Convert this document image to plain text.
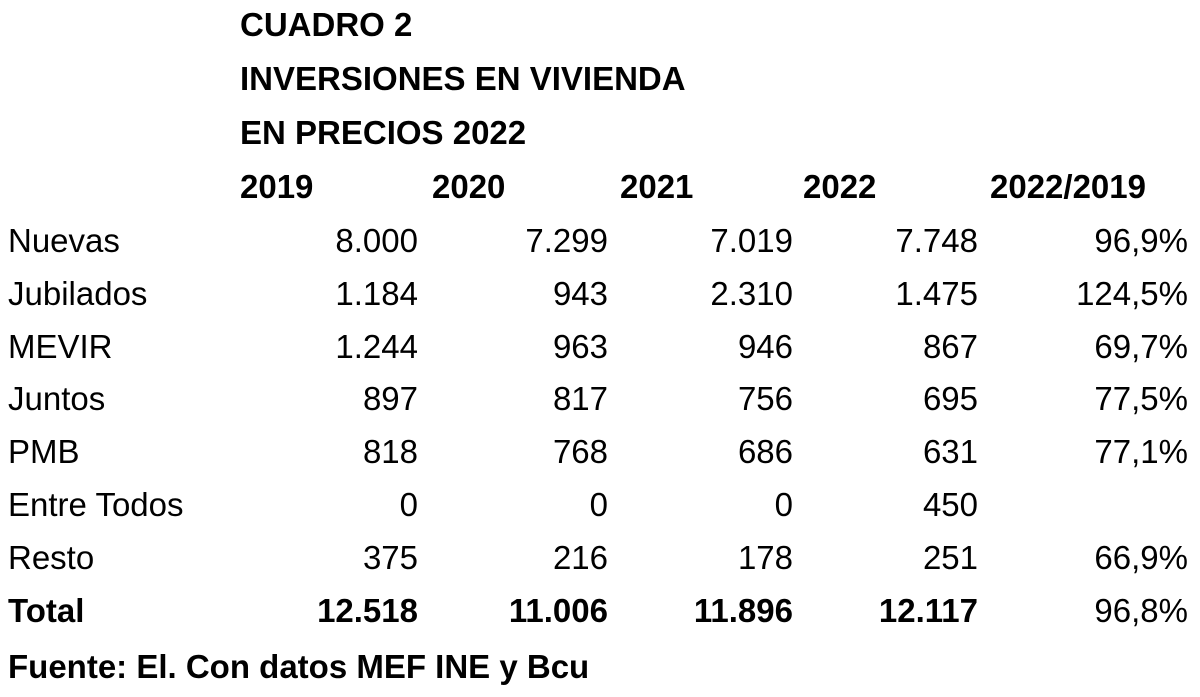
CUADRO 2
INVERSIONES EN VIVIENDA
EN PRECIOS 2022
2019	2020	2021	2022	2022/2019
Nuevas	8.000	7.299	7.019	7.748	96,9%
Jubilados	1.184	943	2.310	1.475	124,5%
MEVIR	1.244	963	946	867	69,7%
Juntos	897	817	756	695	77,5%
PMB	818	768	686	631	77,1%
Entre Todos	0	0	0	450
Resto	375	216	178	251	66,9%
Total	12.518	11.006	11.896	12.117	96,8%
Fuente: El. Con datos MEF INE y Bcu
